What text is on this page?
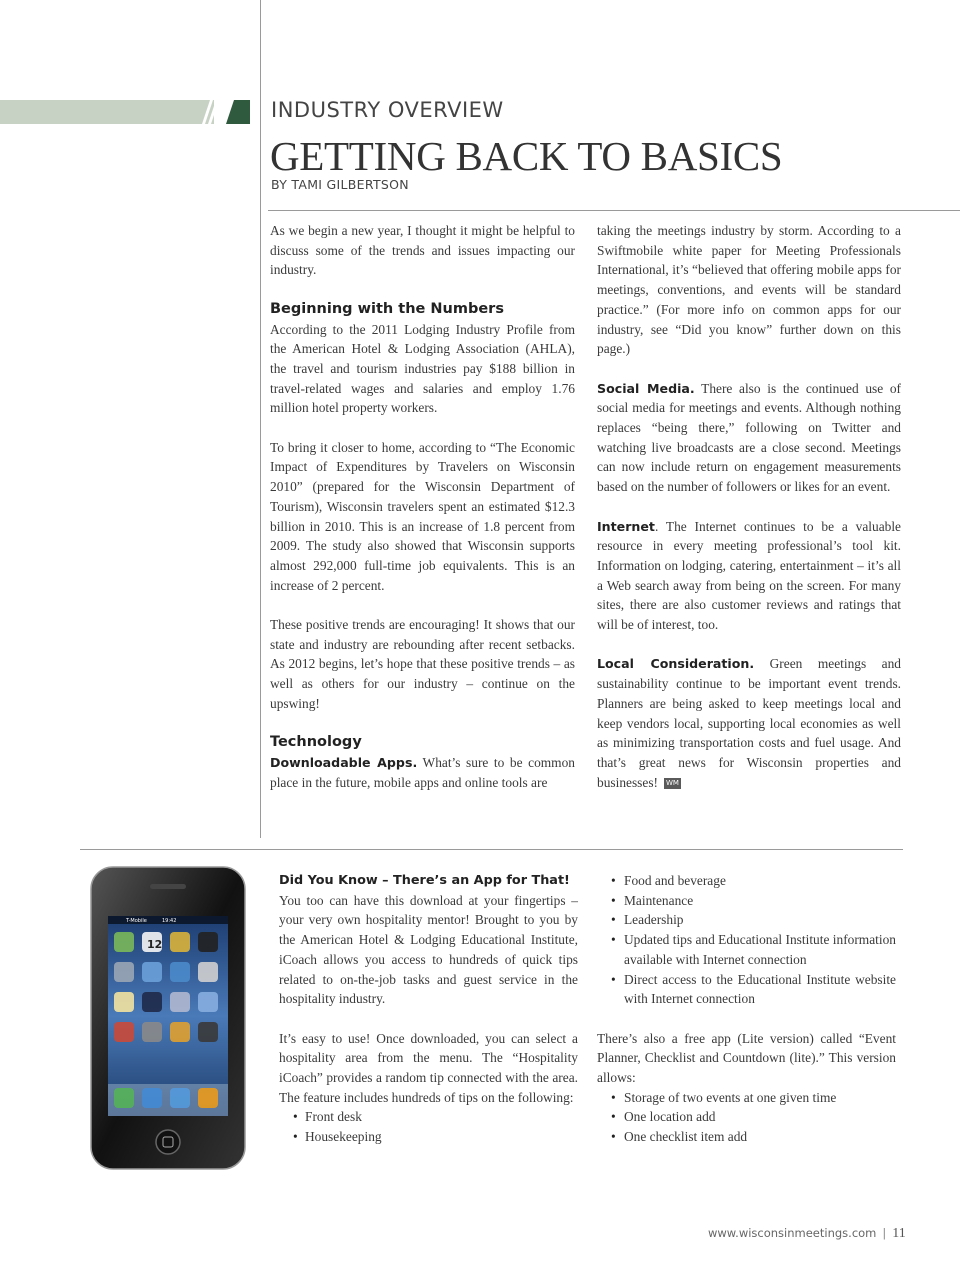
INDUSTRY OVERVIEW
GETTING BACK TO BASICS
BY TAMI GILBERTSON

As we begin a new year, I thought it might be helpful to discuss some of the trends and issues impacting our industry.

Beginning with the Numbers

According to the 2011 Lodging Industry Profile from the American Hotel & Lodging Association (AHLA), the travel and tourism industries pay $188 billion in travel-related wages and salaries and employ 1.76 million hotel property workers.

To bring it closer to home, according to “The Economic Impact of Expenditures by Travelers on Wisconsin 2010” (prepared for the Wisconsin Department of Tourism), Wisconsin travelers spent an estimated $12.3 billion in 2010. This is an increase of 1.8 percent from 2009. The study also showed that Wisconsin supports almost 292,000 full-time job equivalents. This is an increase of 2 percent.

These positive trends are encouraging! It shows that our state and industry are rebounding after recent setbacks. As 2012 begins, let’s hope that these positive trends – as well as others for our industry – continue on the upswing!

Technology

Downloadable Apps. What’s sure to be common place in the future, mobile apps and online tools are

taking the meetings industry by storm. According to a Swiftmobile white paper for Meeting Professionals International, it’s “believed that offering mobile apps for meetings, conventions, and events will be standard practice.” (For more info on common apps for our industry, see “Did you know” further down on this page.)

Social Media. There also is the continued use of social media for meetings and events. Although nothing replaces “being there,” following on Twitter and watching live broadcasts are a close second. Meetings can now include return on engagement measurements based on the number of followers or likes for an event.

Internet. The Internet continues to be a valuable resource in every meeting professional’s tool kit. Information on lodging, catering, entertainment – it’s all a Web search away from being on the screen. For many sites, there are also customer reviews and ratings that will be of interest, too.

Local Consideration. Green meetings and sustainability continue to be important event trends. Planners are being asked to keep meetings local and keep vendors local, supporting local economies as well as minimizing transportation costs and fuel usage. And that’s great news for Wisconsin properties and businesses! WM

T-Mobile	19:42
12
Did You Know – There’s an App for That!

You too can have this download at your fingertips – your very own hospitality mentor! Brought to you by the American Hotel & Lodging Educational Institute, iCoach allows you access to hundreds of quick tips related to on-the-job tasks and guest service in the hospitality industry.

It’s easy to use! Once downloaded, you can select a hospitality area from the menu. The “Hospitality iCoach” provides a random tip connected with the area. The feature includes hundreds of tips on the following:

• Front desk
• Housekeeping
• Food and beverage
• Maintenance
• Leadership
• Updated tips and Educational Institute information available with Internet connection
• Direct access to the Educational Institute website with Internet connection

There’s also a free app (Lite version) called “Event Planner, Checklist and Countdown (lite).” This version allows:

• Storage of two events at one given time
• One location add
• One checklist item add
www.wisconsinmeetings.com | 11
